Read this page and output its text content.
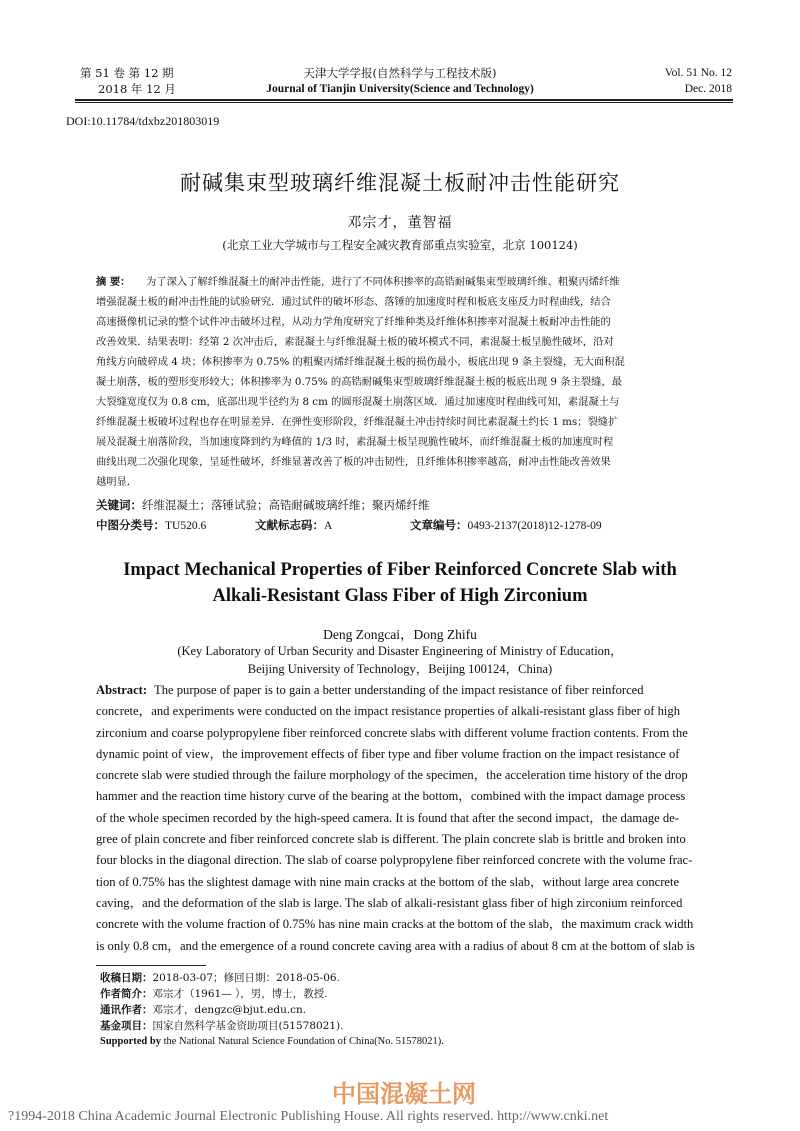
第 51 卷 第 12 期
2018 年 12 月
天津大学学报(自然科学与工程技术版)
Journal of Tianjin University(Science and Technology)
Vol. 51 No. 12
Dec. 2018
DOI:10.11784/tdxbz201803019
耐碱集束型玻璃纤维混凝土板耐冲击性能研究
邓宗才，董智福
(北京工业大学城市与工程安全减灾教育部重点实验室，北京 100124)
摘 要：	为了深入了解纤维混凝土的耐冲击性能，进行了不同体积掺率的高锆耐碱集束型玻璃纤维、粗聚丙烯纤维
增强混凝土板的耐冲击性能的试验研究．通过试件的破坏形态、落锤的加速度时程和板底支座反力时程曲线，结合
高速摄像机记录的整个试件冲击破坏过程，从动力学角度研究了纤维种类及纤维体积掺率对混凝土板耐冲击性能的
改善效果．结果表明：经第 2 次冲击后，素混凝土与纤维混凝土板的破坏模式不同，素混凝土板呈脆性破坏，沿对
角线方向破碎成 4 块；体积掺率为 0.75% 的粗聚丙烯纤维混凝土板的损伤最小，板底出现 9 条主裂缝，无大面积混
凝土崩落，板的塑形变形较大；体积掺率为 0.75% 的高锆耐碱集束型玻璃纤维混凝土板的板底出现 9 条主裂缝，最
大裂缝宽度仅为 0.8 cm，底部出现半径约为 8 cm 的圆形混凝土崩落区域．通过加速度时程曲线可知，素混凝土与
纤维混凝土板破坏过程也存在明显差异．在弹性变形阶段，纤维混凝土冲击持续时间比素混凝土约长 1 ms；裂缝扩
展及混凝土崩落阶段，当加速度降到约为峰值的 1/3 时，素混凝土板呈现脆性破坏，而纤维混凝土板的加速度时程
曲线出现二次强化现象，呈延性破坏，纤维显著改善了板的冲击韧性，且纤维体积掺率越高，耐冲击性能改善效果
越明显．
关键词：纤维混凝土；落锤试验；高锆耐碱玻璃纤维；聚丙烯纤维
中图分类号：TU520.6	文献标志码：A	文章编号：0493-2137(2018)12-1278-09
Impact Mechanical Properties of Fiber Reinforced Concrete Slab with
Alkali-Resistant Glass Fiber of High Zirconium
Deng Zongcai，Dong Zhifu
(Key Laboratory of Urban Security and Disaster Engineering of Ministry of Education，
Beijing University of Technology，Beijing 100124，China)
Abstract: The purpose of paper is to gain a better understanding of the impact resistance of fiber reinforced
concrete，and experiments were conducted on the impact resistance properties of alkali-resistant glass fiber of high
zirconium and coarse polypropylene fiber reinforced concrete slabs with different volume fraction contents. From the
dynamic point of view，the improvement effects of fiber type and fiber volume fraction on the impact resistance of
concrete slab were studied through the failure morphology of the specimen，the acceleration time history of the drop
hammer and the reaction time history curve of the bearing at the bottom，combined with the impact damage process
of the whole specimen recorded by the high-speed camera. It is found that after the second impact，the damage de-
gree of plain concrete and fiber reinforced concrete slab is different. The plain concrete slab is brittle and broken into
four blocks in the diagonal direction. The slab of coarse polypropylene fiber reinforced concrete with the volume frac-
tion of 0.75% has the slightest damage with nine main cracks at the bottom of the slab，without large area concrete
caving，and the deformation of the slab is large. The slab of alkali-resistant glass fiber of high zirconium reinforced
concrete with the volume fraction of 0.75% has nine main cracks at the bottom of the slab，the maximum crack width
is only 0.8 cm，and the emergence of a round concrete caving area with a radius of about 8 cm at the bottom of slab is
收稿日期：2018-03-07；修回日期：2018-05-06.
作者简介：邓宗才（1961— ），男，博士，教授.
通讯作者：邓宗才，dengzc@bjut.edu.cn.
基金项目：国家自然科学基金资助项目(51578021).
Supported by the National Natural Science Foundation of China(No. 51578021).
?1994-2018 China Academic Journal Electronic Publishing House. All rights reserved. http://www.cnki.net
中国混凝土网
